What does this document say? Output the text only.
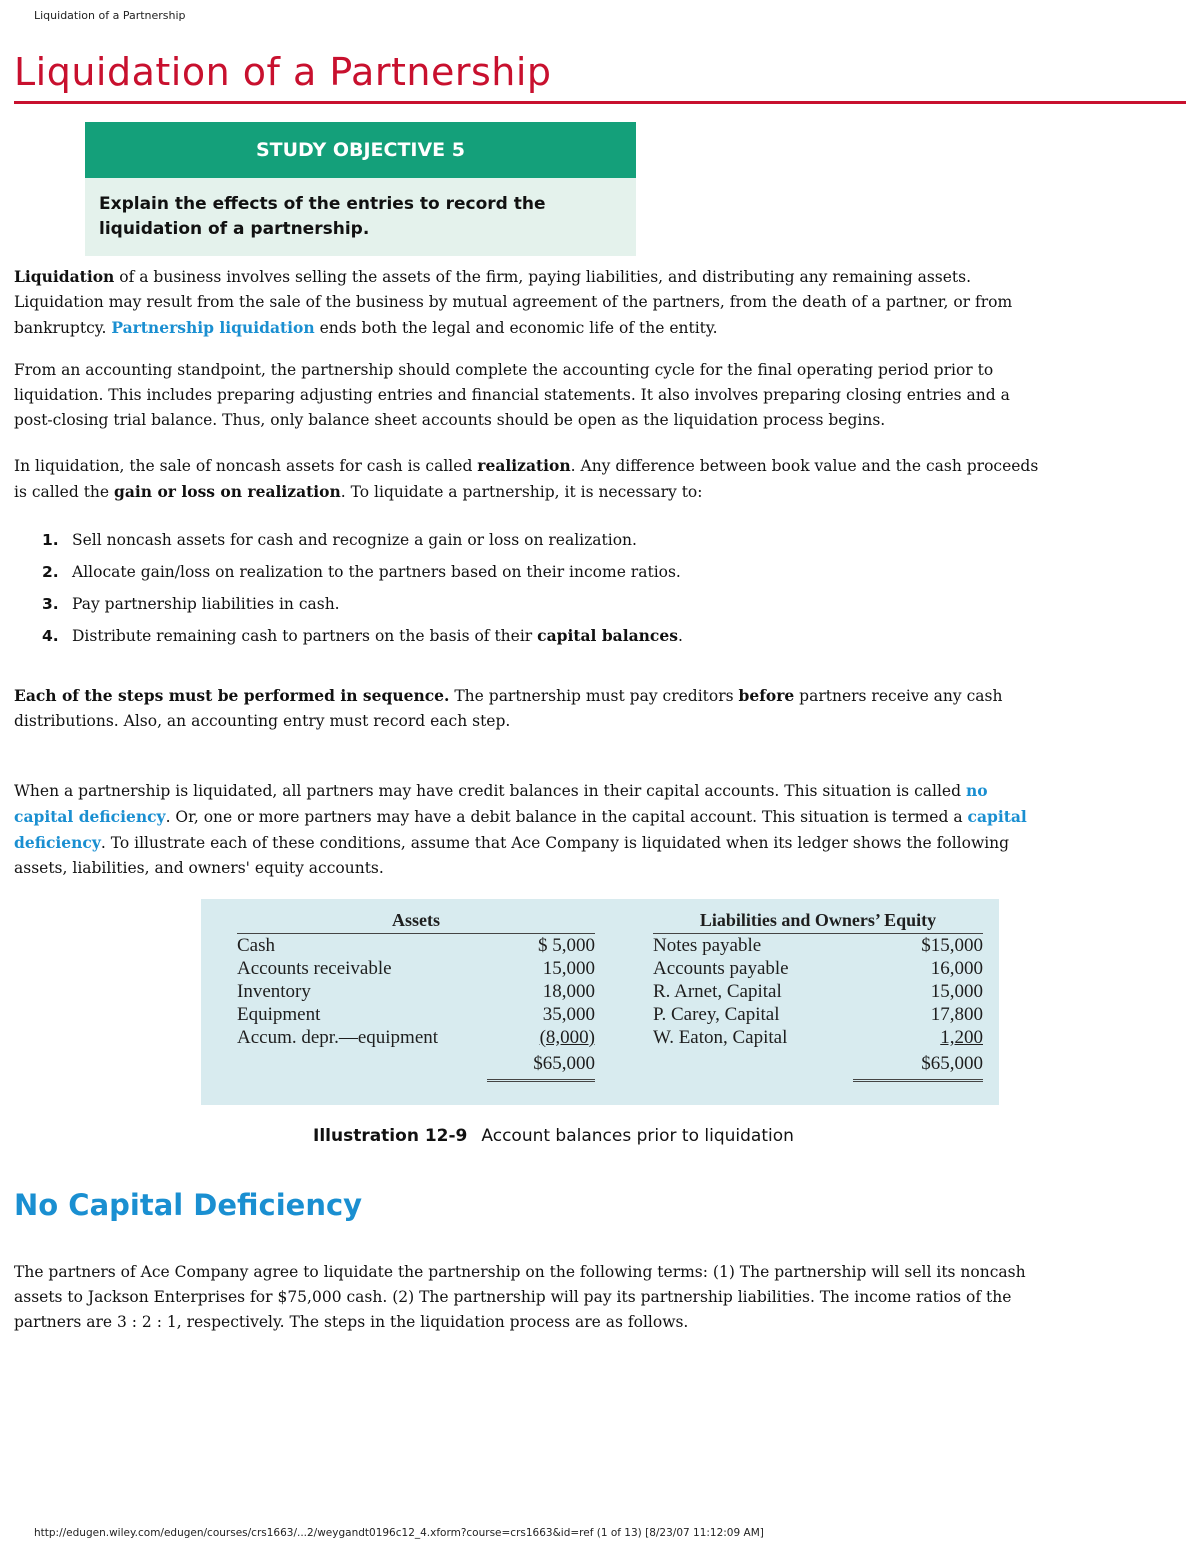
Liquidation of a Partnership
Liquidation of a Partnership
STUDY OBJECTIVE 5
Explain the effects of the entries to record the
liquidation of a partnership.

Liquidation of a business involves selling the assets of the firm, paying liabilities, and distributing any remaining assets. Liquidation may result from the sale of the business by mutual agreement of the partners, from the death of a partner, or from bankruptcy. Partnership liquidation ends both the legal and economic life of the entity.

From an accounting standpoint, the partnership should complete the accounting cycle for the final operating period prior to liquidation. This includes preparing adjusting entries and financial statements. It also involves preparing closing entries and a post-closing trial balance. Thus, only balance sheet accounts should be open as the liquidation process begins.

In liquidation, the sale of noncash assets for cash is called realization. Any difference between book value and the cash proceeds is called the gain or loss on realization. To liquidate a partnership, it is necessary to:

1. Sell noncash assets for cash and recognize a gain or loss on realization.
2. Allocate gain/loss on realization to the partners based on their income ratios.
3. Pay partnership liabilities in cash.
4. Distribute remaining cash to partners on the basis of their capital balances.

Each of the steps must be performed in sequence. The partnership must pay creditors before partners receive any cash distributions. Also, an accounting entry must record each step.

When a partnership is liquidated, all partners may have credit balances in their capital accounts. This situation is called no capital deficiency. Or, one or more partners may have a debit balance in the capital account. This situation is termed a capital deficiency. To illustrate each of these conditions, assume that Ace Company is liquidated when its ledger shows the following assets, liabilities, and owners' equity accounts.

Assets			Liabilities and Owners’ Equity	
Cash	$ 5,000		Notes payable	$15,000
Accounts receivable	15,000		Accounts payable	16,000
Inventory	18,000		R. Arnet, Capital	15,000
Equipment	35,000		P. Carey, Capital	17,800
Accum. depr.—equipment	(8,000)		W. Eaton, Capital	1,200
	$65,000			$65,000
Illustration 12-9 Account balances prior to liquidation
No Capital Deficiency

The partners of Ace Company agree to liquidate the partnership on the following terms: (1) The partnership will sell its noncash assets to Jackson Enterprises for $75,000 cash. (2) The partnership will pay its partnership liabilities. The income ratios of the partners are 3 : 2 : 1, respectively. The steps in the liquidation process are as follows.

http://edugen.wiley.com/edugen/courses/crs1663/...2/weygandt0196c12_4.xform?course=crs1663&id=ref (1 of 13) [8/23/07 11:12:09 AM]
